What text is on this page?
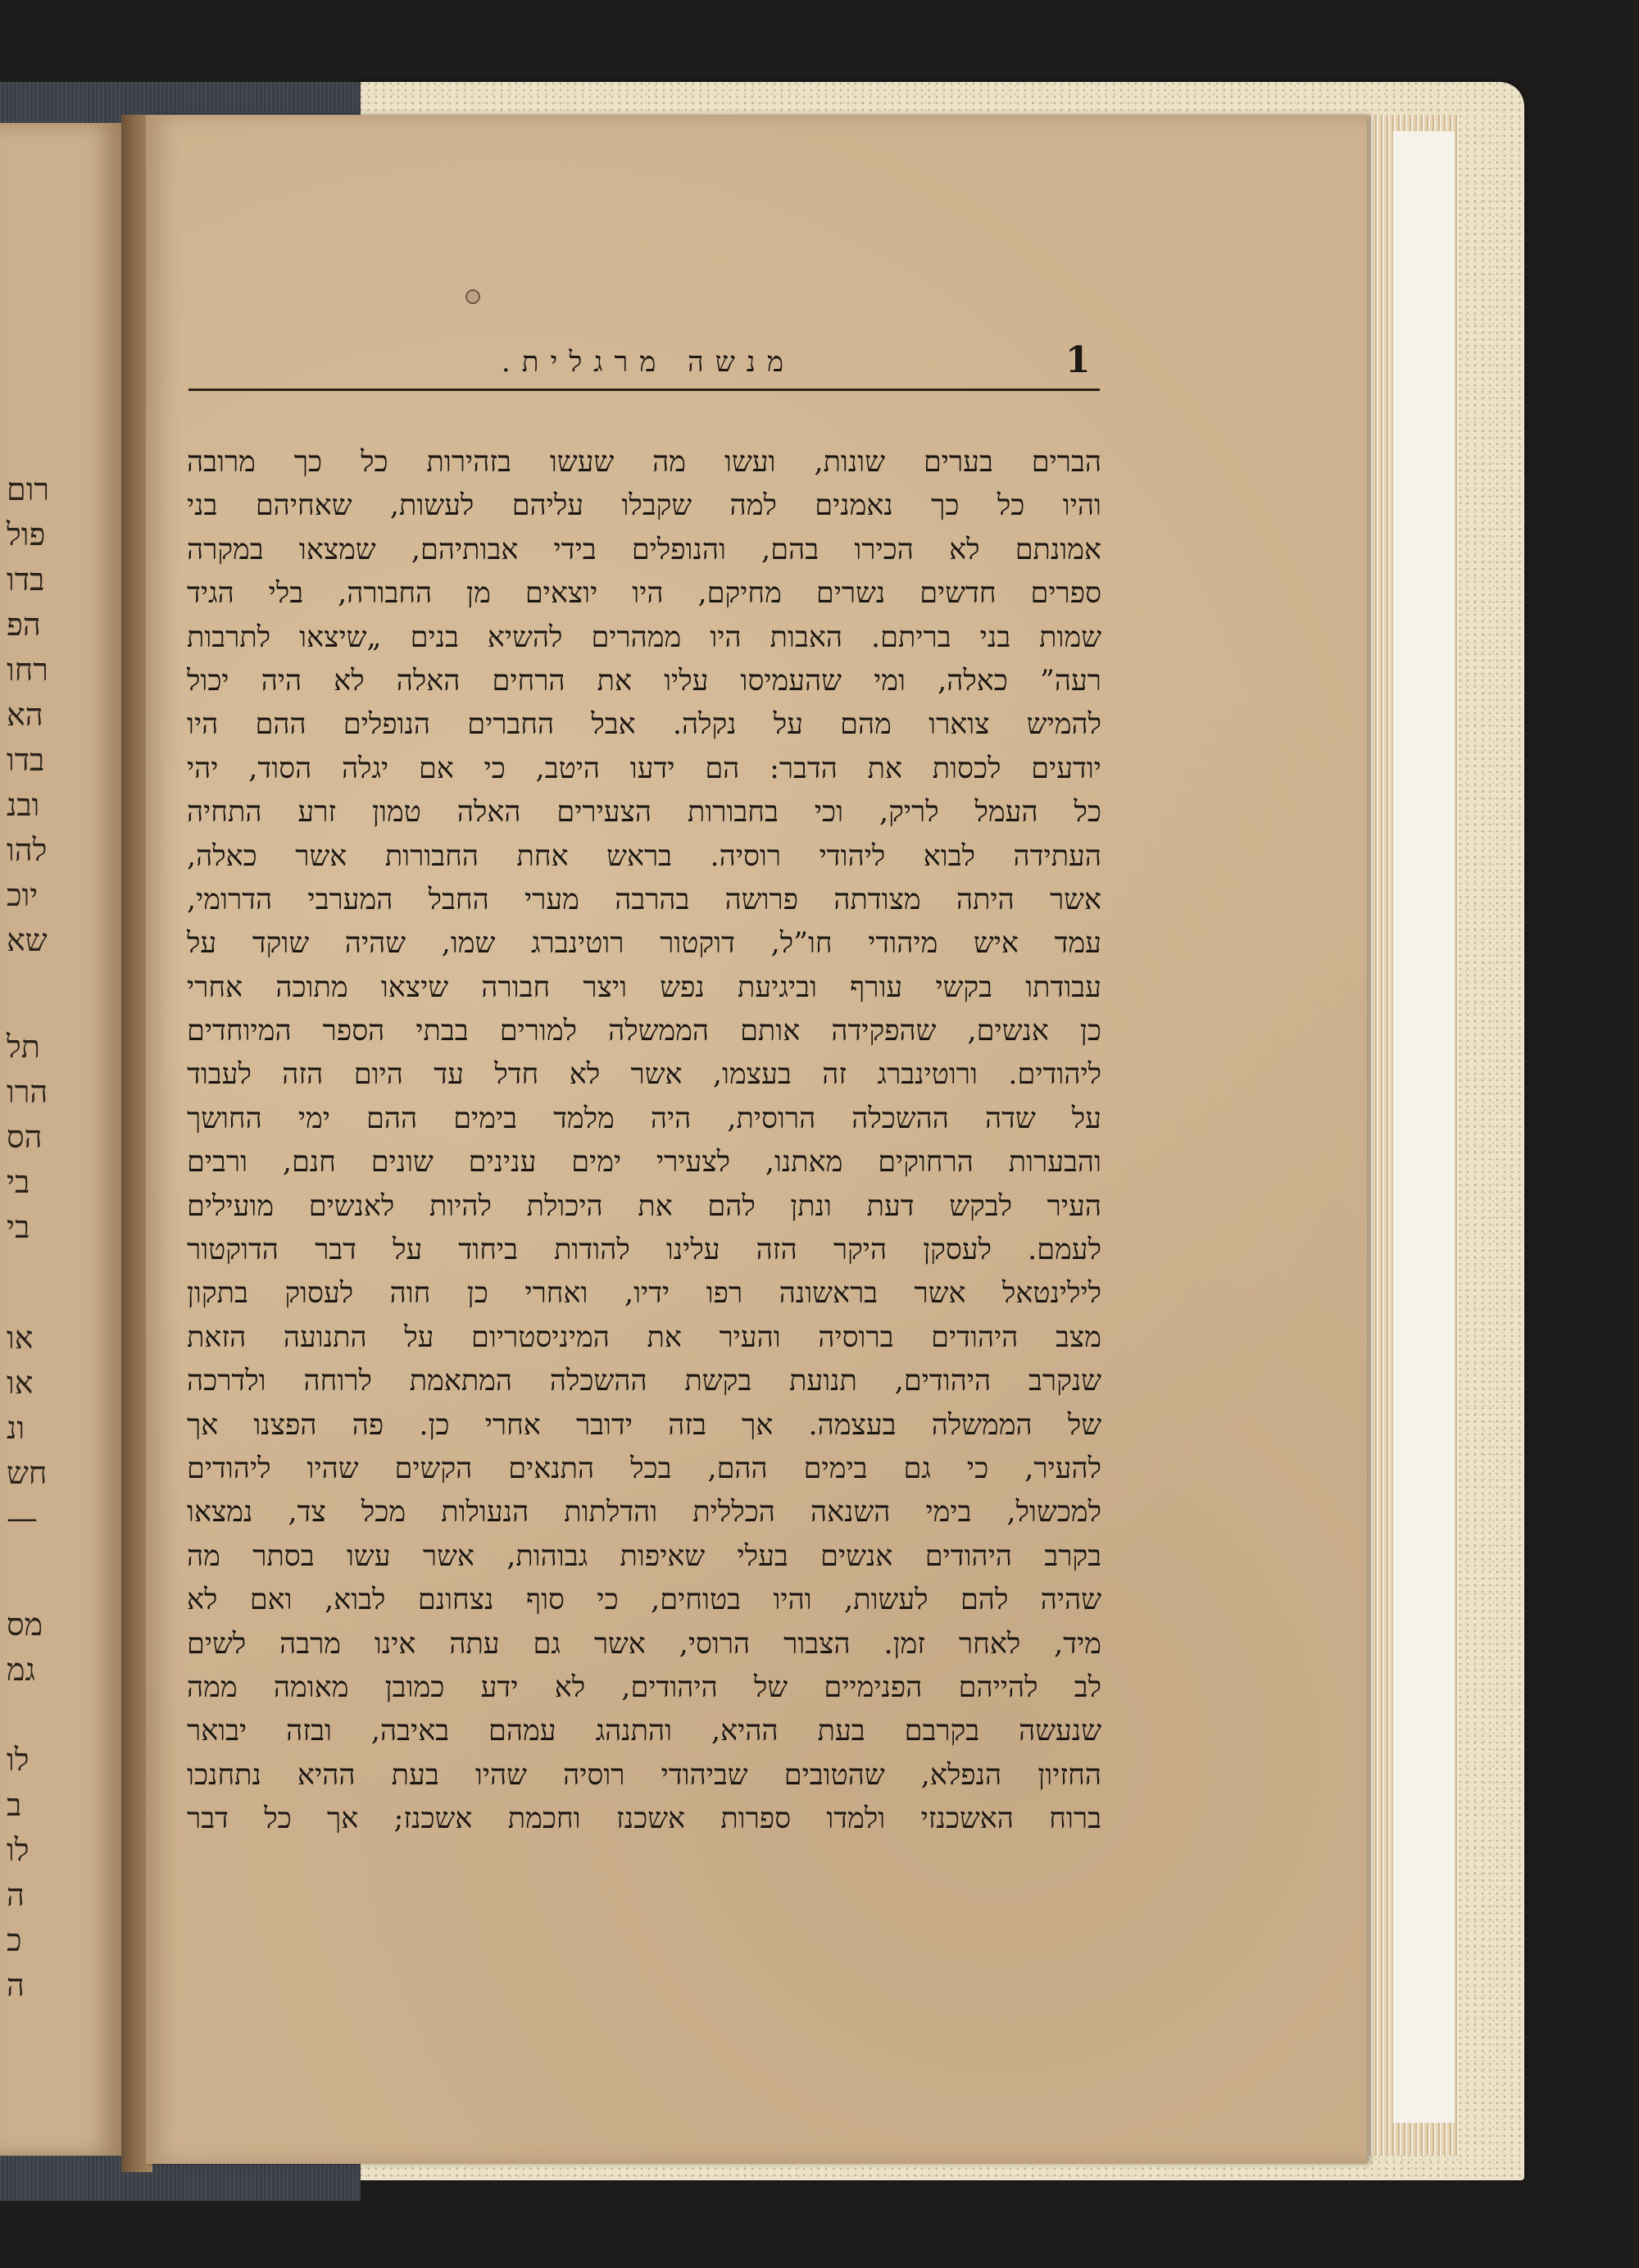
רום
פול
בדו
הפ
רחו
הא
בדו
ובנ
להו
יוכ
שא
תל
הרו
הס
בי
בי
או
או
ונ
חש
—
מס
גמ
לו
ב
לו
ה
כ
ה
1
מנשה מרגלית.
הברים בערים שונות, ועשו מה שעשו בזהירות כל כך מרובה
והיו כל כך נאמנים למה שקבלו עליהם לעשות, שאחיהם בני
אמונתם לא הכירו בהם, והנופלים בידי אבותיהם, שמצאו במקרה
ספרים חדשים נשרים מחיקם, היו יוצאים מן החבורה, בלי הגיד
שמות בני בריתם. האבות היו ממהרים להשיא בנים „שיצאו לתרבות
רעה” כאלה, ומי שהעמיסו עליו את הרחים האלה לא היה יכול
להמיש צוארו מהם על נקלה. אבל החברים הנופלים ההם היו
יודעים לכסות את הדבר: הם ידעו היטב, כי אם יגלה הסוד, יהי
כל העמל לריק, וכי בחבורות הצעירים האלה טמון זרע התחיה
העתידה לבוא ליהודי רוסיה. בראש אחת החבורות אשר כאלה,
אשר היתה מצודתה פרושה בהרבה מערי החבל המערבי הדרומי,
עמד איש מיהודי חו”ל, דוקטור רוטינברג שמו, שהיה שוקד על
עבודתו בקשי עורף וביגיעת נפש ויצר חבורה שיצאו מתוכה אחרי
כן אנשים, שהפקידה אותם הממשלה למורים בבתי הספר המיוחדים
ליהודים. ורוטינברג זה בעצמו, אשר לא חדל עד היום הזה לעבוד
על שדה ההשכלה הרוסית, היה מלמד בימים ההם ימי החושך
והבערות הרחוקים מאתנו, לצעירי ימים ענינים שונים חנם, ורבים
העיר לבקש דעת ונתן להם את היכולת להיות לאנשים מועילים
לעמם. לעסקן היקר הזה עלינו להודות ביחוד על דבר הדוקטור
לילינטאל אשר בראשונה רפו ידיו, ואחרי כן חוה לעסוק בתקון
מצב היהודים ברוסיה והעיר את המיניסטריום על התנועה הזאת
שנקרב היהודים, תנועת בקשת ההשכלה המתאמת לרוחה ולדרכה
של הממשלה בעצמה. אך בזה ידובר אחרי כן. פה הפצנו אך
להעיר, כי גם בימים ההם, בכל התנאים הקשים שהיו ליהודים
למכשול, בימי השנאה הכללית והדלתות הנעולות מכל צד, נמצאו
בקרב היהודים אנשים בעלי שאיפות גבוהות, אשר עשו בסתר מה
שהיה להם לעשות, והיו בטוחים, כי סוף נצחונם לבוא, ואם לא
מיד, לאחר זמן. הצבור הרוסי, אשר גם עתה אינו מרבה לשים
לב להייהם הפנימיים של היהודים, לא ידע כמובן מאומה ממה
שנעשה בקרבם בעת ההיא, והתנהג עמהם באיבה, ובזה יבואר
החזיון הנפלא, שהטובים שביהודי רוסיה שהיו בעת ההיא נתחנכו
ברוח האשכנזי ולמדו ספרות אשכנז וחכמת אשכנז; אך כל דבר
